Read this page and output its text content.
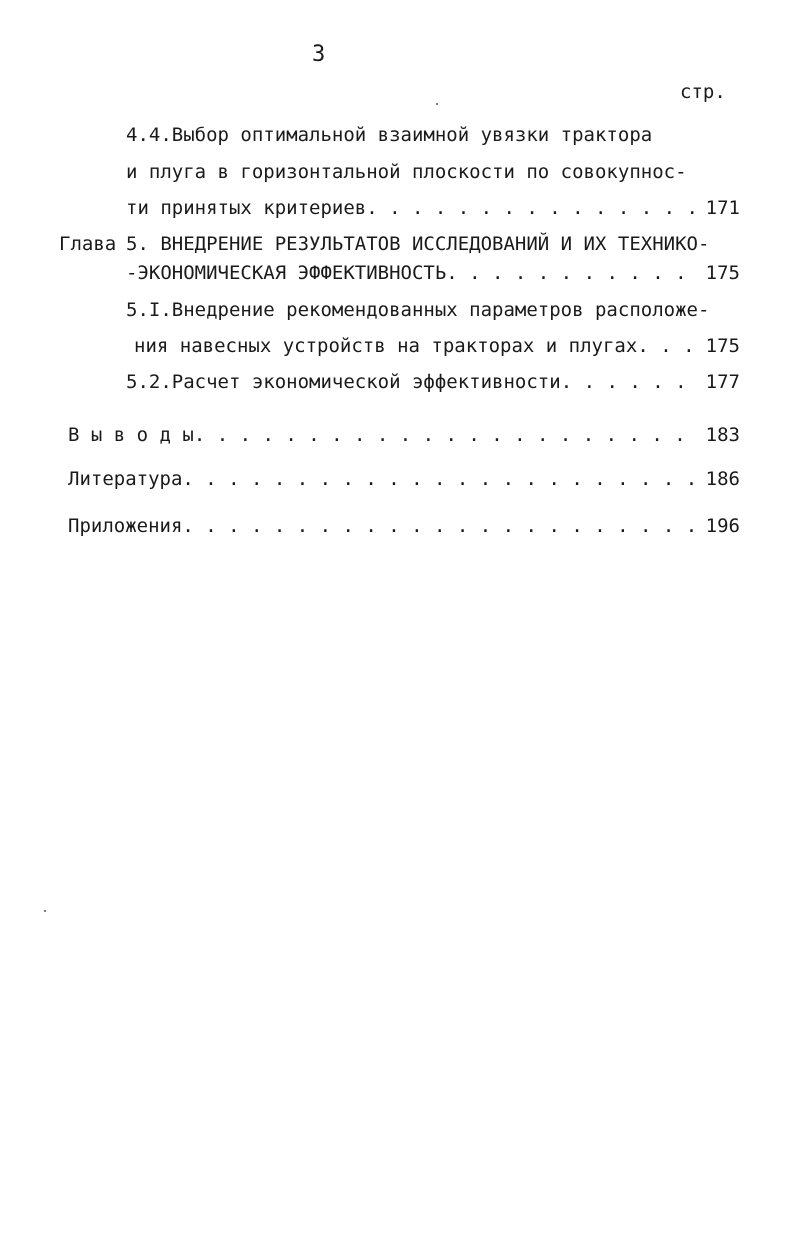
3
стр.
4.4.Выбор оптимальной взаимной увязки трактора
и плуга в горизонтальной плоскости по совокупнос-
ти принятых критериев . . .	171
Глава 5. ВНЕДРЕНИЕ РЕЗУЛЬТАТОВ ИССЛЕДОВАНИЙ И ИХ ТЕХНИКО-
-ЭКОНОМИЧЕСКАЯ ЭФФЕКТИВНОСТЬ . . .	175
5.I.Внедрение рекомендованных параметров расположе-
ния навесных устройств на тракторах и плугах . . .	175
5.2.Расчет экономической эффективности . . .	177
В ы в о д ы . . .	183
Литература . . .	186
Приложения . . .	196
